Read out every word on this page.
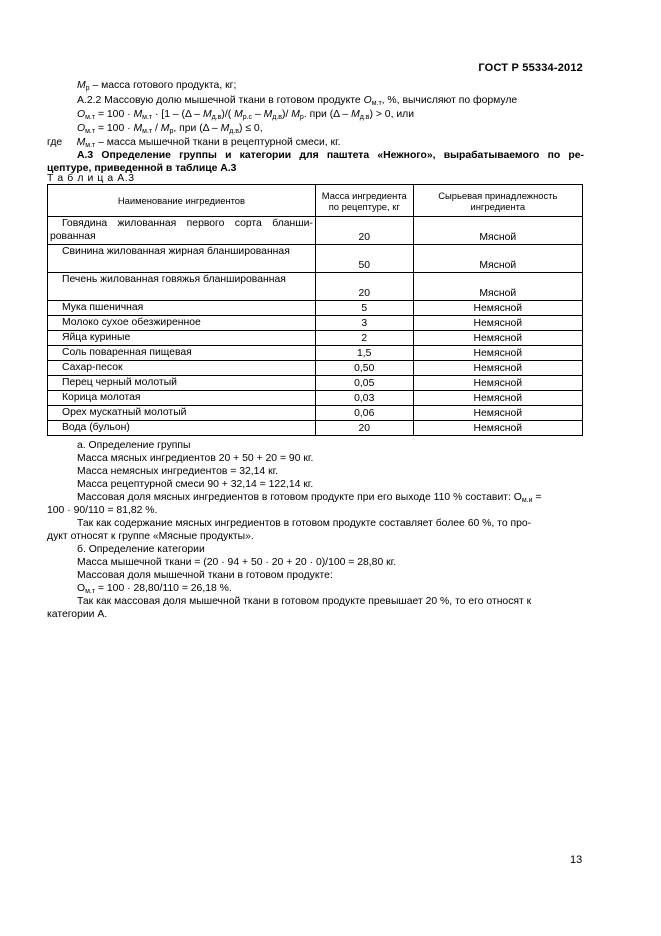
ГОСТ Р 55334-2012
$M_р$ – масса готового продукта, кг;
А.2.2 Массовую долю мышечной ткани в готовом продукте $O_{м.т}$, %, вычисляют по формуле
$O_{м.т} = 100 \cdot M_{м.т} \cdot [1 - (\Delta - M_{д.в})/$( $M_{р.с} - M_{д.в})/$ $M_р$. при $(\Delta - M_{д.в}) > 0$, или
$O_{м.т} = 100 \cdot M_{м.т} / M_р$, при $(\Delta - M_{д.в}) \le 0$,
где $M_{м.т}$ – масса мышечной ткани в рецептурной смеси, кг.
А.3 Определение группы и категории для паштета «Нежного», вырабатываемого по ре-
цептуре, приведенной в таблице А.3
Т а б л и ц а А.3
Наименование ингредиентов	Масса ингредиента по рецептуре, кг	Сырьевая принадлежность ингредиента

Говядина жилованная первого сорта бланши-
рованная	20	Мясной
Свинина жилованная жирная бланшированная	50	Мясной
Печень жилованная говяжья бланшированная	20	Мясной
Мука пшеничная	5	Немясной
Молоко сухое обезжиренное	3	Немясной
Яйца куриные	2	Немясной
Соль поваренная пищевая	1,5	Немясной
Сахар-песок	0,50	Немясной
Перец черный молотый	0,05	Немясной
Корица молотая	0,03	Немясной
Орех мускатный молотый	0,06	Немясной
Вода (бульон)	20	Немясной
а. Определение группы
Масса мясных ингредиентов 20 + 50 + 20 = 90 кг.
Масса немясных ингредиентов = 32,14 кг.
Масса рецептурной смеси 90 + 32,14 = 122,14 кг.
Массовая доля мясных ингредиентов в готовом продукте при его выходе 110 % составит: $О_{м.и}$ =
100 · 90/110 = 81,82 %.
Так как содержание мясных ингредиентов в готовом продукте составляет более 60 %, то про-
дукт относят к группе «Мясные продукты».
б. Определение категории
Масса мышечной ткани = (20 · 94 + 50 · 20 + 20 · 0)/100 = 28,80 кг.
Массовая доля мышечной ткани в готовом продукте:
$О_{м.т} = 100 \cdot 28,80/110 = 26,18$ %.
Так как массовая доля мышечной ткани в готовом продукте превышает 20 %, то его относят к
категории А.
13
